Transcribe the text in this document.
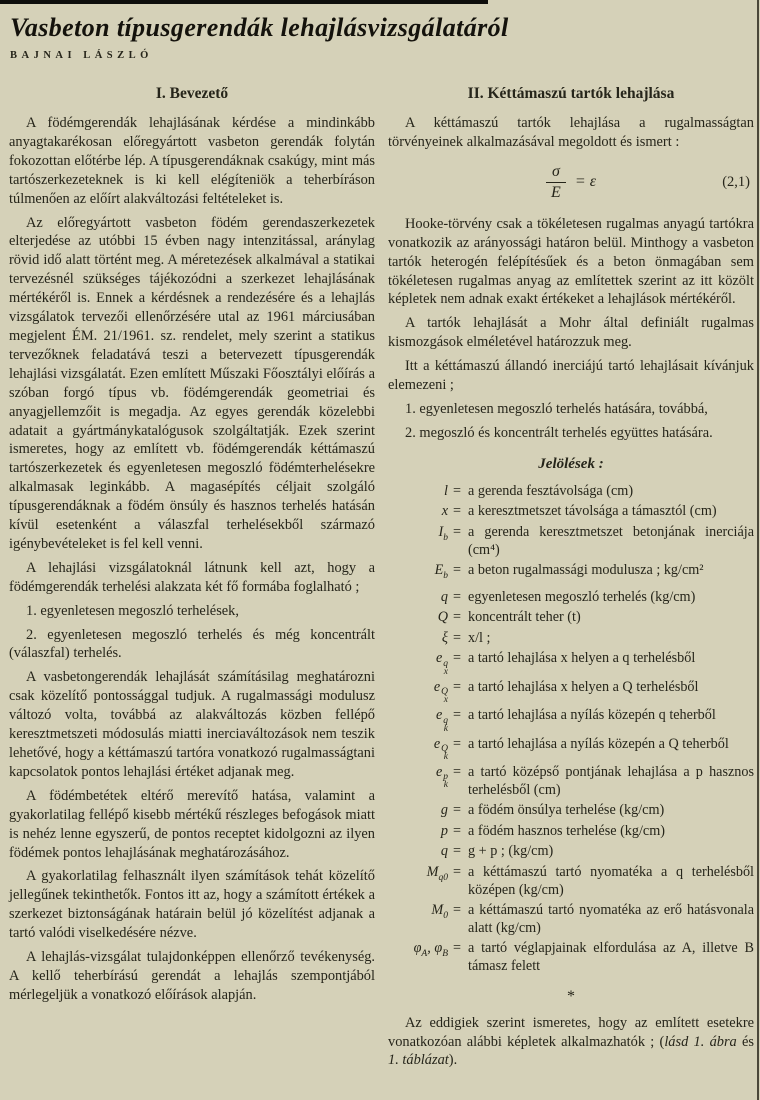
Vasbeton típusgerendák lehajlásvizsgálatáról
BAJNAI LÁSZLÓ
I. Bevezető

A födémgerendák lehajlásának kérdése a mindinkább anyagtakarékosan előregyártott vasbeton gerendák folytán fokozottan előtérbe lép. A típusgerendáknak csakúgy, mint más tartószerkezeteknek is ki kell elégíteniök a teherbíráson túlmenően az előírt alakváltozási feltételeket is.

Az előregyártott vasbeton födém gerendaszerkezetek elterjedése az utóbbi 15 évben nagy intenzitással, aránylag rövid idő alatt történt meg. A méretezések alkalmával a statikai tervezésnél szükséges tájékozódni a szerkezet lehajlásának mértékéről is. Ennek a kérdésnek a rendezésére és a lehajlás vizsgálatok tervezői ellenőrzésére utal az 1961 márciusában megjelent ÉM. 21/1961. sz. rendelet, mely szerint a statikus tervezőknek feladatává teszi a betervezett típusgerendák lehajlási vizsgálatát. Ezen említett Műszaki Főosztályi előírás a szóban forgó típus vb. födémgerendák geometriai és anyagjellemzőit is megadja. Az egyes gerendák közelebbi adatait a gyártmánykatalógusok szolgáltatják. Ezek szerint ismeretes, hogy az említett vb. födémgerendák kéttámaszú tartószerkezetek és egyenletesen megoszló födémterhelésekre alkalmasak leginkább. A magasépítés céljait szolgáló típusgerendáknak a födém önsúly és hasznos terhelés hatásán kívül esetenként a válaszfal terhelésekből származó igénybevételeket is fel kell venni.

A lehajlási vizsgálatoknál látnunk kell azt, hogy a födémgerendák terhelési alakzata két fő formába foglalható ;

1. egyenletesen megoszló terhelések,

2. egyenletesen megoszló terhelés és még koncentrált (válaszfal) terhelés.

A vasbetongerendák lehajlását számításilag meghatározni csak közelítő pontossággal tudjuk. A rugalmassági modulusz változó volta, továbbá az alakváltozás közben fellépő keresztmetszeti módosulás miatti inerciaváltozások nem teszik lehetővé, hogy a kéttámaszú tartóra vonatkozó rugalmasságtani kapcsolatok pontos lehajlási értéket adjanak meg.

A födémbetétek eltérő merevítő hatása, valamint a gyakorlatilag fellépő kisebb mértékű részleges befogások miatt is nehéz lenne egyszerű, de pontos receptet kidolgozni az ilyen födémek pontos lehajlásának meghatározásához.

A gyakorlatilag felhasznált ilyen számítások tehát közelítő jellegűnek tekinthetők. Fontos itt az, hogy a számított értékek a szerkezet biztonságának határain belül jó közelítést adjanak a tartó valódi viselkedésére nézve.

A lehajlás-vizsgálat tulajdonképpen ellenőrző tevékenység. A kellő teherbírású gerendát a lehajlás szempontjából mérlegeljük a vonatkozó előírások alapján.

II. Kéttámaszú tartók lehajlása

A kéttámaszú tartók lehajlása a rugalmasságtan törvényeinek alkalmazásával megoldott és ismert :

$\frac{\sigma}{E}$ =
ε	(2,1)

Hooke-törvény csak a tökéletesen rugalmas anyagú tartókra vonatkozik az arányossági határon belül. Minthogy a vasbeton tartók heterogén felépítésűek és a beton önmagában sem tökéletesen rugalmas anyag az említettek szerint az itt közölt képletek nem adnak exakt értékeket a lehajlások mértékéről.

A tartók lehajlását a Mohr által definiált rugalmas kismozgások elméletével határozzuk meg.

Itt a kéttámaszú állandó inerciájú tartó lehajlásait kívánjuk elemezeni ;

1. egyenletesen megoszló terhelés hatására, továbbá,

2. megoszló és koncentrált terhelés együttes hatására.

Jelölések :
l = a gerenda fesztávolsága (cm)
x = a keresztmetszet távolsága a támasztól (cm)
$I_b = a$ gerenda keresztmetszet betonjának inerciája (cm⁴)
$E_b = a$ beton rugalmassági modulusza ; kg/cm²
q = egyenletesen megoszló terhelés (kg/cm)
Q = koncentrált teher (t)
ξ = x/l ;
e q
x
= a tartó lehajlása x helyen a q terhelésből
e Q
x
= a tartó lehajlása x helyen a Q terhelésből
e q
k
= a tartó lehajlása a nyílás közepén q teherből
e Q
k
= a tartó lehajlása a nyílás közepén a Q teherből
e p
k
= a tartó középső pontjának lehajlása a p hasznos terhelésből (cm)
g = a födém önsúlya terhelése (kg/cm)
p = a födém hasznos terhelése (kg/cm)
q = g + p ; (kg/cm)
$M_{q0} = a$ kéttámaszú tartó nyomatéka a q terhelésből középen (kg/cm)
$M_0 = a$ kéttámaszú tartó nyomatéka az erő hatásvonala alatt (kg/cm)
$\varphi_A$, $\varphi_B = a$ tartó véglapjainak elfordulása az A, illetve B támasz felett
*

Az eddigiek szerint ismeretes, hogy az említett esetekre vonatkozóan alábbi képletek alkalmazhatók ; (lásd 1. ábra és 1. táblázat).
